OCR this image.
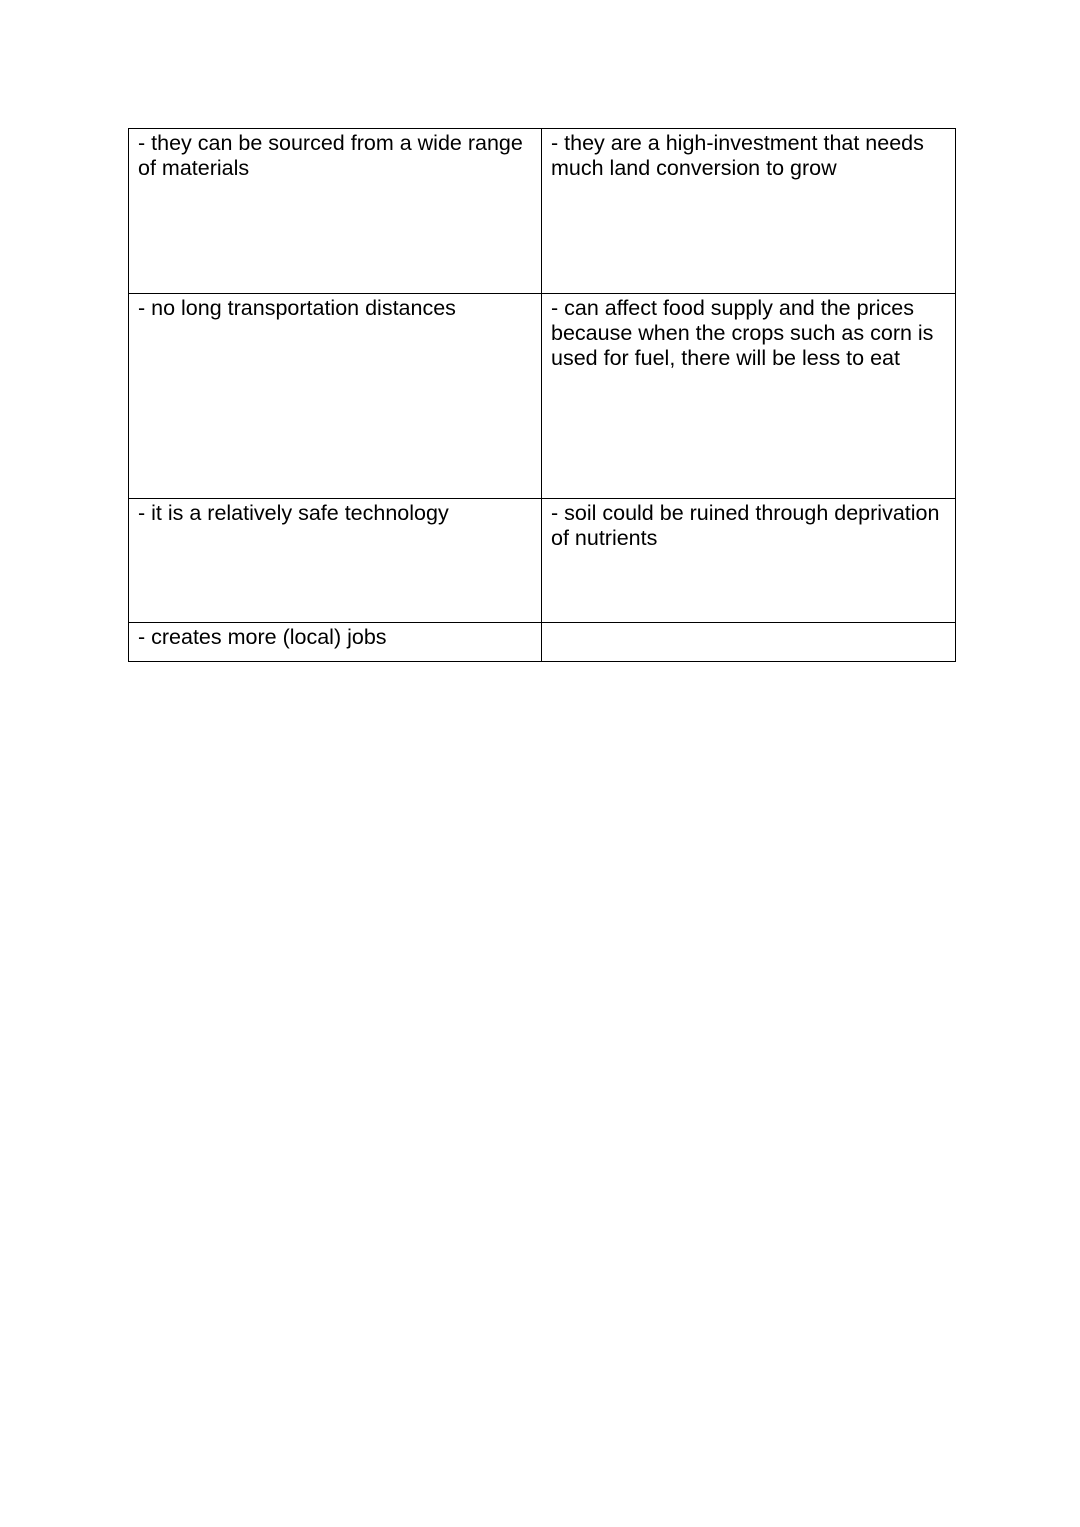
- they can be sourced from a wide range of materials	- they are a high-investment that needs much land conversion to grow
- no long transportation distances	- can affect food supply and the prices because when the crops such as corn is used for fuel, there will be less to eat
- it is a relatively safe technology	- soil could be ruined through deprivation of nutrients
- creates more (local) jobs	
